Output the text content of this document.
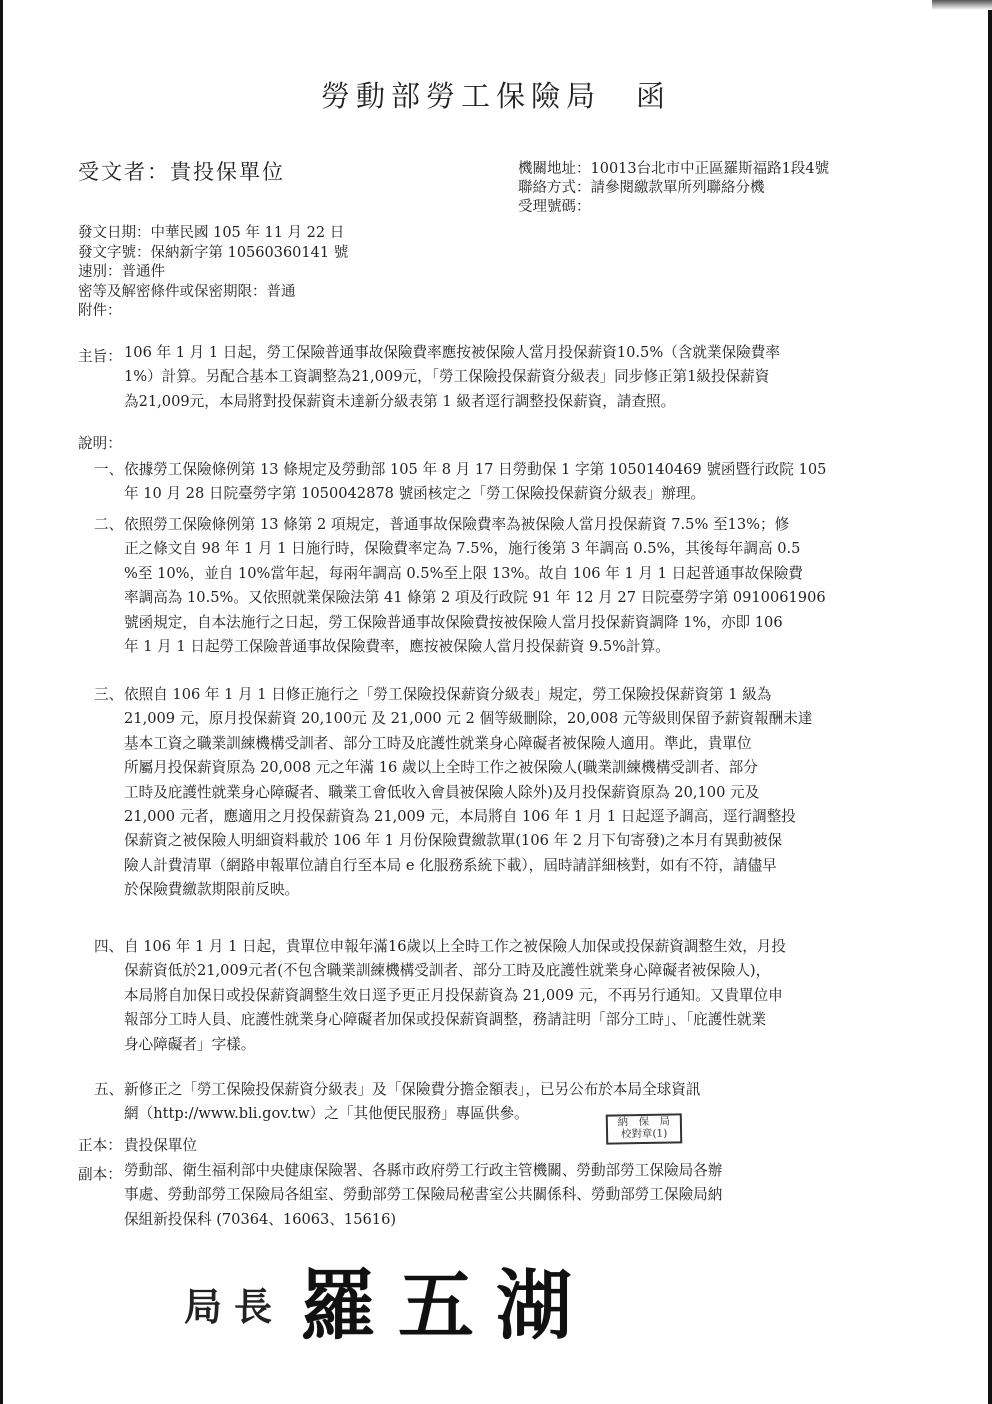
勞動部勞工保險局　函
受文者：貴投保單位	機關地址：10013台北市中正區羅斯福路1段4號
聯絡方式：請參閱繳款單所列聯絡分機
受理號碼：
發文日期：中華民國 105 年 11 月 22 日
發文字號：保納新字第 10560360141 號
速別：普通件
密等及解密條件或保密期限：普通
附件：
主旨： 106 年 1 月 1 日起，勞工保險普通事故保險費率應按被保險人當月投保薪資10.5%（含就業保險費率
1%）計算。另配合基本工資調整為21,009元，「勞工保險投保薪資分級表」同步修正第1級投保薪資
為21,009元，本局將對投保薪資未達新分級表第 1 級者逕行調整投保薪資，請查照。
說明：
一、 依據勞工保險條例第 13 條規定及勞動部 105 年 8 月 17 日勞動保 1 字第 1050140469 號函暨行政院 105
年 10 月 28 日院臺勞字第 1050042878 號函核定之「勞工保險投保薪資分級表」辦理。
二、 依照勞工保險條例第 13 條第 2 項規定，普通事故保險費率為被保險人當月投保薪資 7.5% 至13%；修
正之條文自 98 年 1 月 1 日施行時，保險費率定為 7.5%，施行後第 3 年調高 0.5%，其後每年調高 0.5
%至 10%，並自 10%當年起，每兩年調高 0.5%至上限 13%。故自 106 年 1 月 1 日起普通事故保險費
率調高為 10.5%。又依照就業保險法第 41 條第 2 項及行政院 91 年 12 月 27 日院臺勞字第 0910061906
號函規定，自本法施行之日起，勞工保險普通事故保險費按被保險人當月投保薪資調降 1%，亦即 106
年 1 月 1 日起勞工保險普通事故保險費率，應按被保險人當月投保薪資 9.5%計算。
三、 依照自 106 年 1 月 1 日修正施行之「勞工保險投保薪資分級表」規定，勞工保險投保薪資第 1 級為
21,009 元，原月投保薪資 20,100元 及 21,000 元 2 個等級刪除，20,008 元等級則保留予薪資報酬未達
基本工資之職業訓練機構受訓者、部分工時及庇護性就業身心障礙者被保險人適用。準此，貴單位
所屬月投保薪資原為 20,008 元之年滿 16 歲以上全時工作之被保險人(職業訓練機構受訓者、部分
工時及庇護性就業身心障礙者、職業工會低收入會員被保險人除外)及月投保薪資原為 20,100 元及
21,000 元者，應適用之月投保薪資為 21,009 元，本局將自 106 年 1 月 1 日起逕予調高，逕行調整投
保薪資之被保險人明細資料載於 106 年 1 月份保險費繳款單(106 年 2 月下旬寄發)之本月有異動被保
險人計費清單（網路申報單位請自行至本局 e 化服務系統下載），屆時請詳細核對，如有不符，請儘早
於保險費繳款期限前反映。
四、 自 106 年 1 月 1 日起，貴單位申報年滿16歲以上全時工作之被保險人加保或投保薪資調整生效，月投
保薪資低於21,009元者(不包含職業訓練機構受訓者、部分工時及庇護性就業身心障礙者被保險人)，
本局將自加保日或投保薪資調整生效日逕予更正月投保薪資為 21,009 元，不再另行通知。又貴單位申
報部分工時人員、庇護性就業身心障礙者加保或投保薪資調整，務請註明「部分工時」、「庇護性就業
身心障礙者」字樣。
五、 新修正之「勞工保險投保薪資分級表」及「保險費分擔金額表」，已另公布於本局全球資訊
網（http://www.bli.gov.tw）之「其他便民服務」專區供參。	納　保　局
校對章(1)
正本： 貴投保單位
副本： 勞動部、衛生福利部中央健康保險署、各縣市政府勞工行政主管機關、勞動部勞工保險局各辦
事處、勞動部勞工保險局各組室、勞動部勞工保險局秘書室公共關係科、勞動部勞工保險局納
保組新投保科 (70364、16063、15616)
局長 羅五湖
